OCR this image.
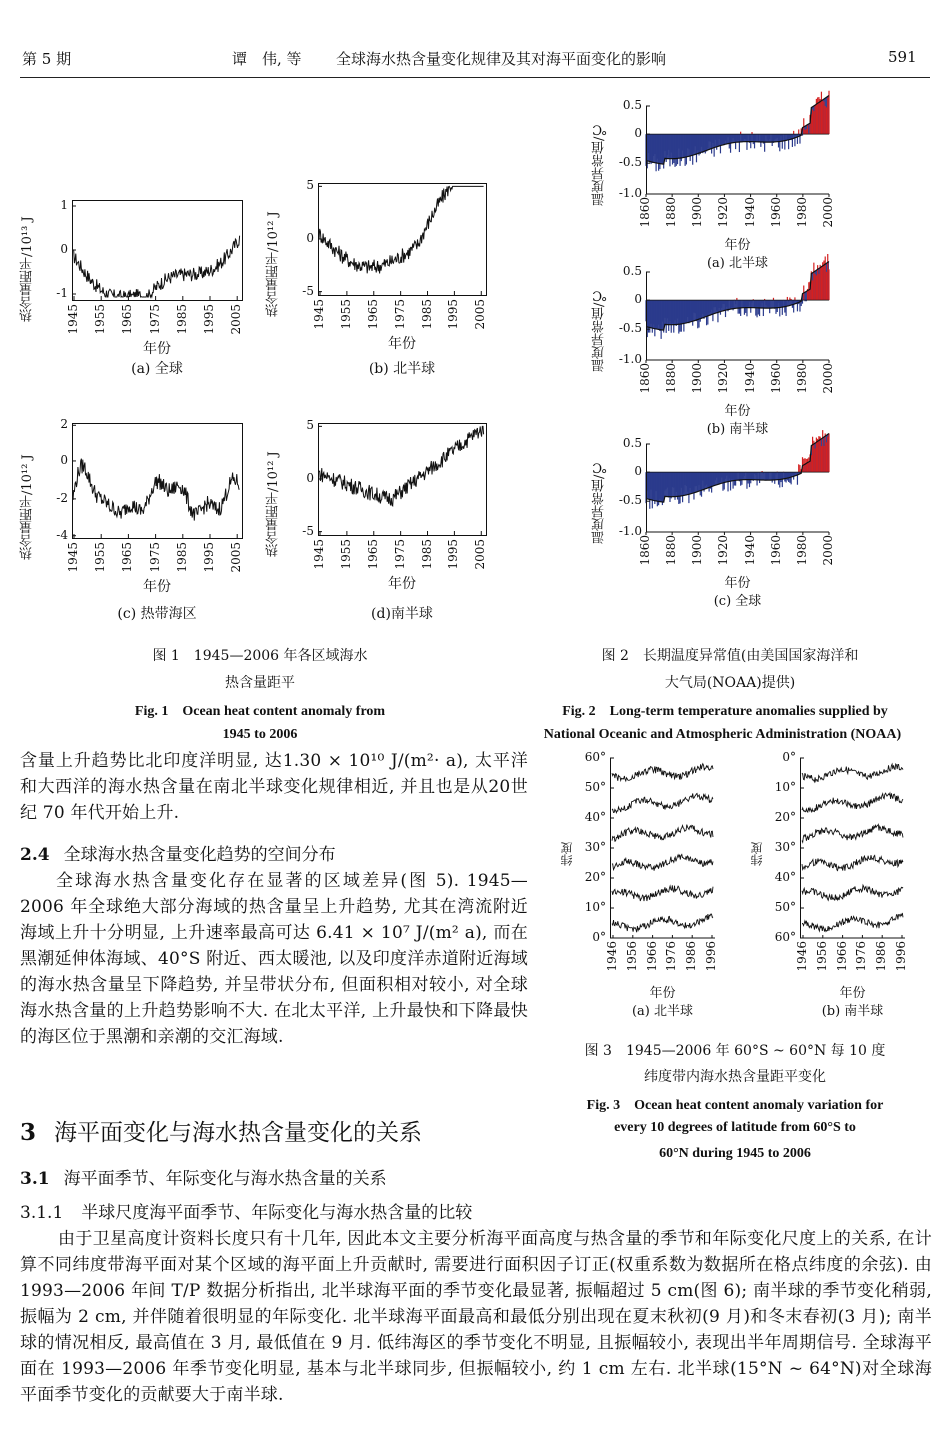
第 5 期	谭　伟, 等 全球海水热含量变化规律及其对海平面变化的影响	591
1
0
-1
1945 1955 1965 1975 1985 1995 2005
热含量距平/10¹³ J
年份
(a) 全球
5
0
-5
1945 1955 1965 1975 1985 1995 2005
热含量距平/10¹² J
年份
(b) 北半球
2
0
-2
-4
1945 1955 1965 1975 1985 1995 2005
热含量距平/10¹² J
年份
(c) 热带海区
5
0
-5
1945 1955 1965 1975 1985 1995 2005
热含量距平/10¹² J
年份
(d)南半球
0.5
0
-0.5
-1.0
1860 1880 1900 1920 1940 1960 1980 2000
温度异常值/℃
年份
(a) 北半球
0.5
0
-0.5
-1.0
1860 1880 1900 1920 1940 1960 1980 2000
温度异常值/℃
年份
(b) 南半球
0.5
0
-0.5
-1.0
1860 1880 1900 1920 1940 1960 1980 2000
温度异常值/℃
年份
(c) 全球
60°
50°
40°
30°
20°
10°
0°
1946 1956 1966 1976 1986 1996
纬度
年份
(a) 北半球
0°
10°
20°
30°
40°
50°
60°
1946 1956 1966 1976 1986 1996
纬度
年份
(b) 南半球
图 1　1945—2006 年各区域海水
热含量距平
Fig. 1　Ocean heat content anomaly from
1945 to 2006
图 2　长期温度异常值(由美国国家海洋和
大气局(NOAA)提供)
Fig. 2　Long-term temperature anomalies supplied by
National Oceanic and Atmospheric Administration (NOAA)
图 3　1945—2006 年 60°S ~ 60°N 每 10 度
纬度带内海水热含量距平变化
Fig. 3　Ocean heat content anomaly variation for
every 10 degrees of latitude from 60°S to
60°N during 1945 to 2006
含量上升趋势比北印度洋明显, 达1.30 × 10¹⁰ J/(m²· a), 太平洋和大西洋的海水热含量在南北半球变化规律相近, 并且也是从20世纪 70 年代开始上升.
2.4 全球海水热含量变化趋势的空间分布
全球海水热含量变化存在显著的区域差异(图 5). 1945—2006 年全球绝大部分海域的热含量呈上升趋势, 尤其在湾流附近海域上升十分明显, 上升速率最高可达 6.41 × 10⁷ J/(m² a), 而在黑潮延伸体海域、40°S 附近、西太暖池, 以及印度洋赤道附近海域的海水热含量呈下降趋势, 并呈带状分布, 但面积相对较小, 对全球海水热含量的上升趋势影响不大. 在北太平洋, 上升最快和下降最快的海区位于黑潮和亲潮的交汇海域.
3 海平面变化与海水热含量变化的关系
3.1 海平面季节、年际变化与海水热含量的关系
3.1.1 半球尺度海平面季节、年际变化与海水热含量的比较
由于卫星高度计资料长度只有十几年, 因此本文主要分析海平面高度与热含量的季节和年际变化尺度上的关系, 在计算不同纬度带海平面对某个区域的海平面上升贡献时, 需要进行面积因子订正(权重系数为数据所在格点纬度的余弦). 由 1993—2006 年间 T/P 数据分析指出, 北半球海平面的季节变化最显著, 振幅超过 5 cm(图 6); 南半球的季节变化稍弱, 振幅为 2 cm, 并伴随着很明显的年际变化. 北半球海平面最高和最低分别出现在夏末秋初(9 月)和冬末春初(3 月); 南半球的情况相反, 最高值在 3 月, 最低值在 9 月. 低纬海区的季节变化不明显, 且振幅较小, 表现出半年周期信号. 全球海平面在 1993—2006 年季节变化明显, 基本与北半球同步, 但振幅较小, 约 1 cm 左右. 北半球(15°N ~ 64°N)对全球海平面季节变化的贡献要大于南半球.
